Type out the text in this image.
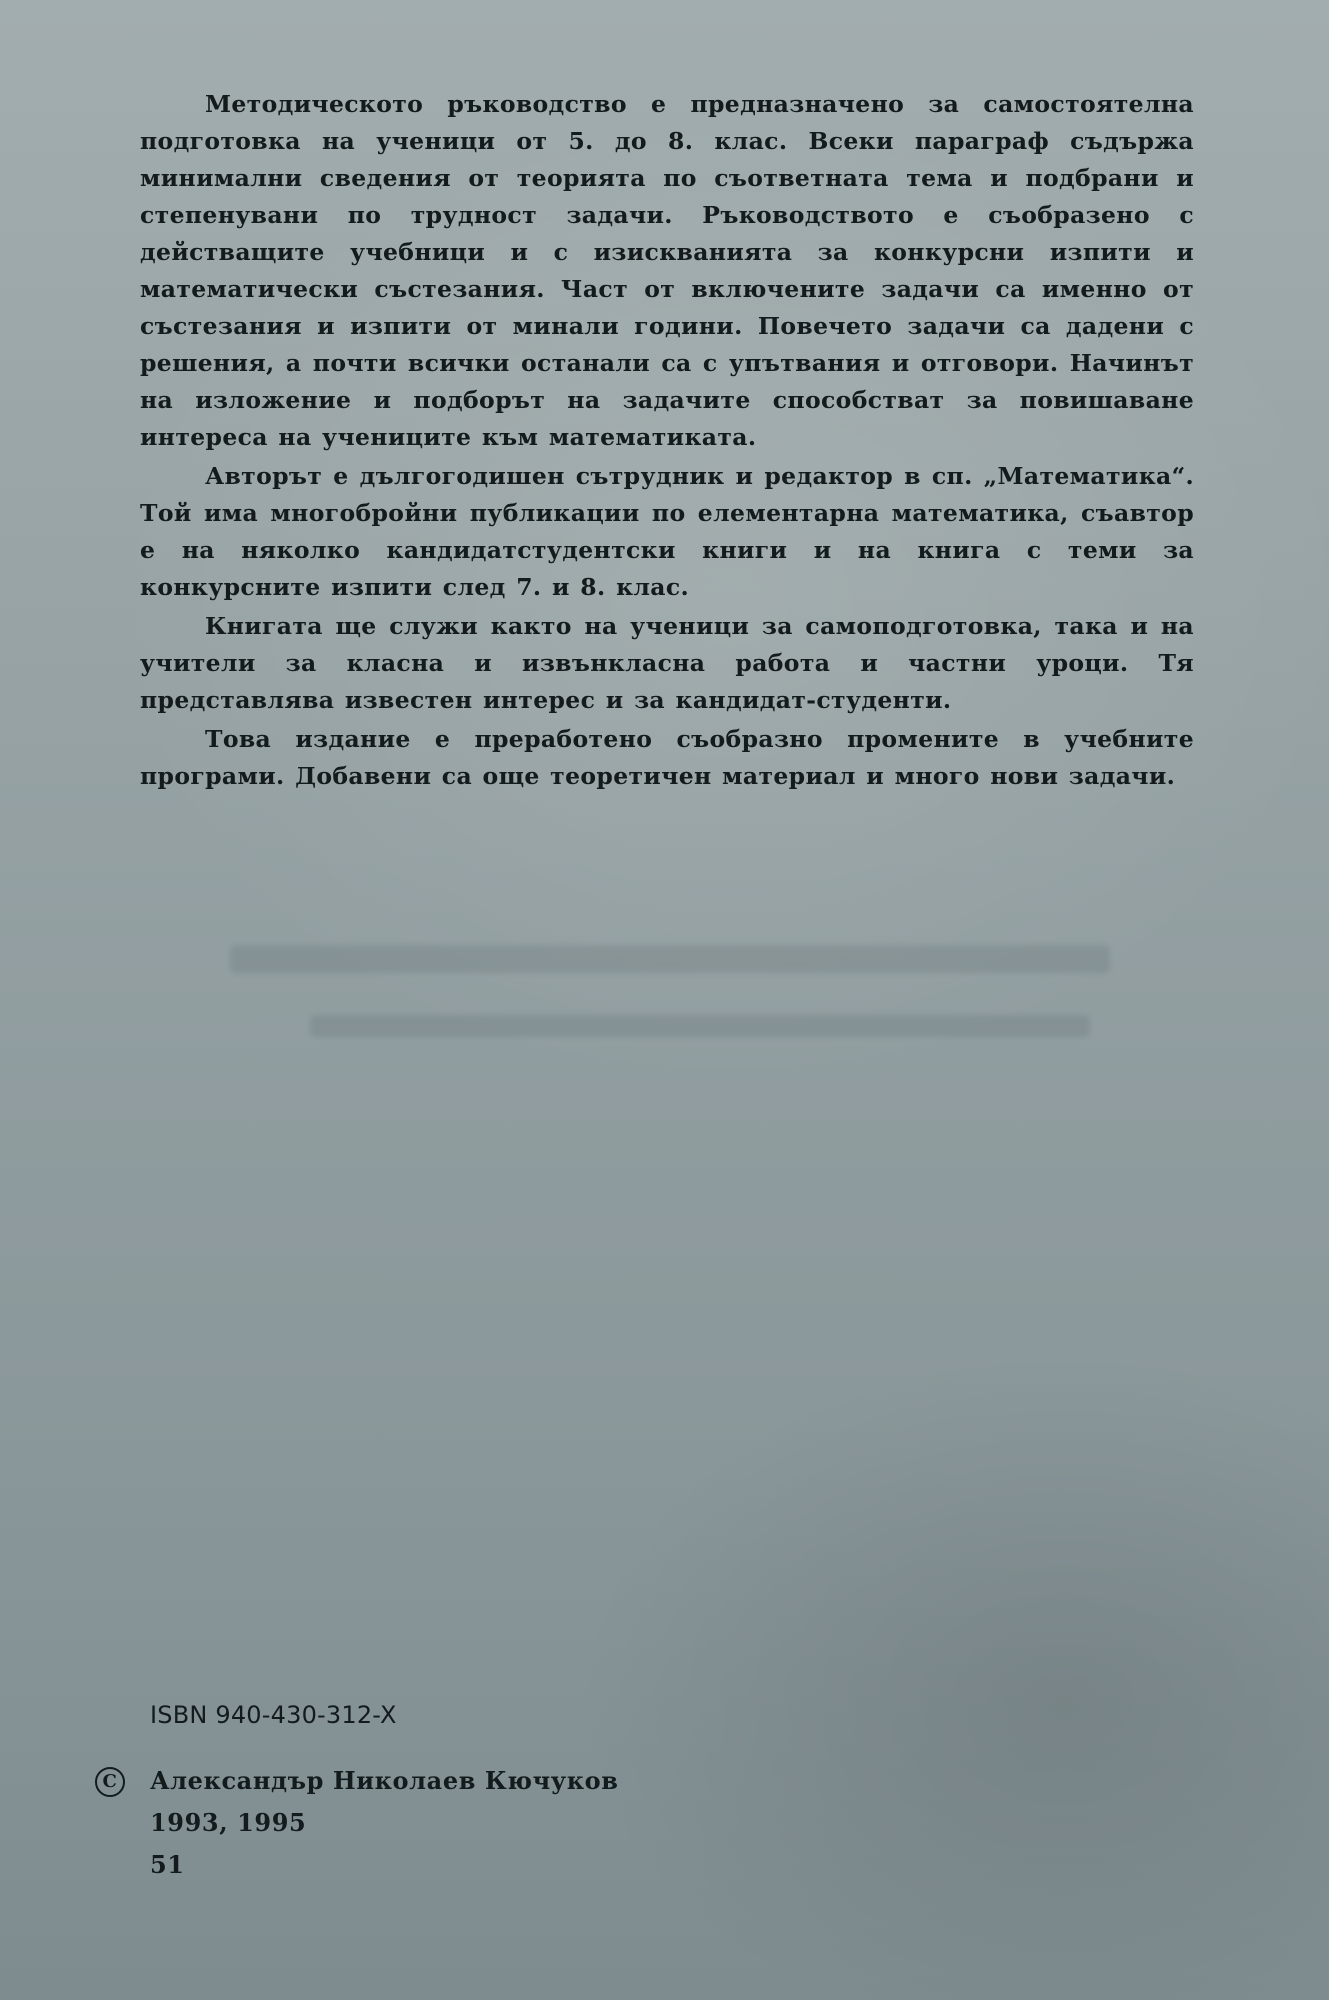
Методическото ръководство е предназначено за самостоятелна подготовка на ученици от 5. до 8. клас. Всеки параграф съдържа минимални сведения от теорията по съответната тема и подбрани и степенувани по трудност задачи. Ръководството е съобразено с действащите учебници и с изискванията за конкурсни изпити и математически състезания. Част от включените задачи са именно от състезания и изпити от минали години. Повечето задачи са дадени с решения, а почти всички останали са с упътвания и отговори. Начинът на изложение и подборът на задачите способстват за повишаване интереса на учениците към математиката.

Авторът е дългогодишен сътрудник и редактор в сп. „Математика“. Той има многобройни публикации по елементарна математика, съавтор е на няколко кандидатстудентски книги и на книга с теми за конкурсните изпити след 7. и 8. клас.

Книгата ще служи както на ученици за самоподготовка, така и на учители за класна и извънкласна работа и частни уроци. Тя представлява известен интерес и за кандидат-студенти.

Това издание е преработено съобразно промените в учебните програми. Добавени са още теоретичен материал и много нови задачи.

ISBN 940-430-312-X
C	Александър Николаев Кючуков
1993, 1995
51
